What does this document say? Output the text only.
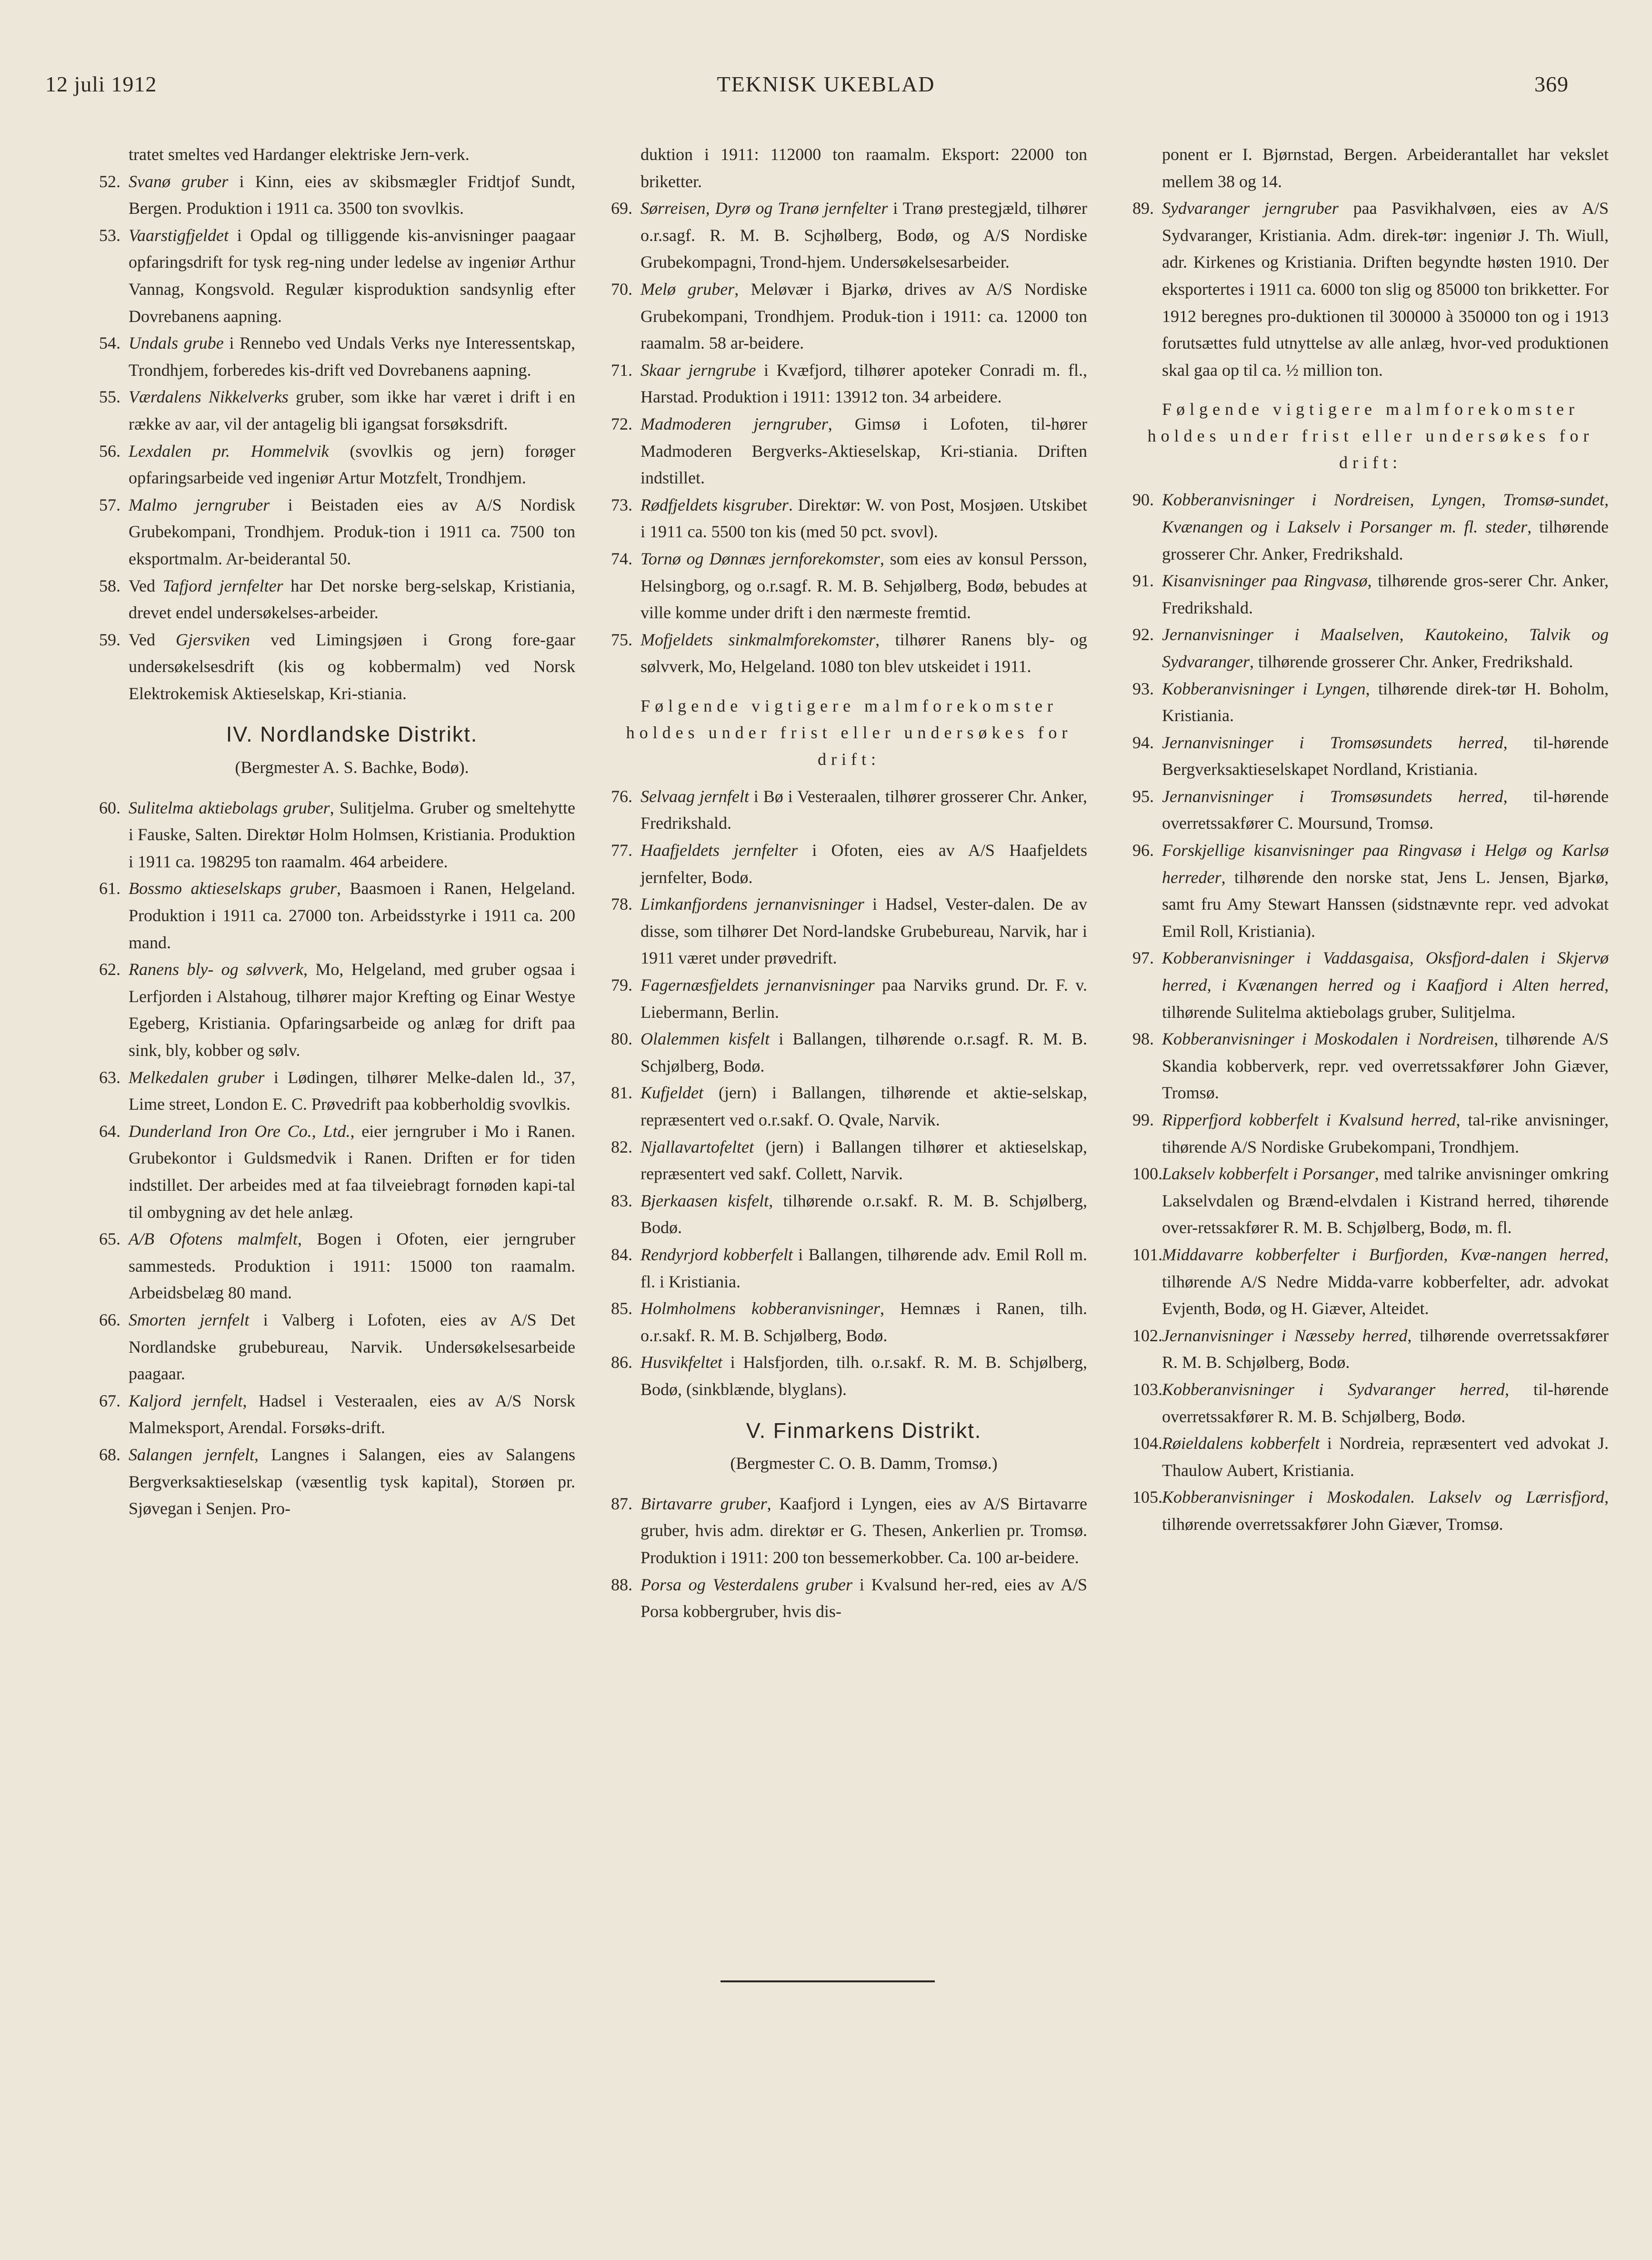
12 juli 1912	TEKNISK UKEBLAD	369

tratet smeltes ved Hardanger elektriske Jern-verk.

52. Svanø gruber i Kinn, eies av skibsmægler Fridtjof Sundt, Bergen. Produktion i 1911 ca. 3500 ton svovlkis.

53. Vaarstigfjeldet i Opdal og tilliggende kis-anvisninger paagaar opfaringsdrift for tysk reg-ning under ledelse av ingeniør Arthur Vannag, Kongsvold. Regulær kisproduktion sandsynlig efter Dovrebanens aapning.

54. Undals grube i Rennebo ved Undals Verks nye Interessentskap, Trondhjem, forberedes kis-drift ved Dovrebanens aapning.

55. Værdalens Nikkelverks gruber, som ikke har været i drift i en række av aar, vil der antagelig bli igangsat forsøksdrift.

56. Lexdalen pr. Hommelvik (svovlkis og jern) forøger opfaringsarbeide ved ingeniør Artur Motzfelt, Trondhjem.

57. Malmo jerngruber i Beistaden eies av A/S Nordisk Grubekompani, Trondhjem. Produk-tion i 1911 ca. 7500 ton eksportmalm. Ar-beiderantal 50.

58. Ved Tafjord jernfelter har Det norske berg-selskap, Kristiania, drevet endel undersøkelses-arbeider.

59. Ved Gjersviken ved Limingsjøen i Grong fore-gaar undersøkelsesdrift (kis og kobbermalm) ved Norsk Elektrokemisk Aktieselskap, Kri-stiania.

IV. Nordlandske Distrikt.
(Bergmester A. S. Bachke, Bodø).

60. Sulitelma aktiebolags gruber, Sulitjelma. Gruber og smeltehytte i Fauske, Salten. Direktør Holm Holmsen, Kristiania. Produktion i 1911 ca. 198295 ton raamalm. 464 arbeidere.

61. Bossmo aktieselskaps gruber, Baasmoen i Ranen, Helgeland. Produktion i 1911 ca. 27000 ton. Arbeidsstyrke i 1911 ca. 200 mand.

62. Ranens bly- og sølvverk, Mo, Helgeland, med gruber ogsaa i Lerfjorden i Alstahoug, tilhører major Krefting og Einar Westye Egeberg, Kristiania. Opfaringsarbeide og anlæg for drift paa sink, bly, kobber og sølv.

63. Melkedalen gruber i Lødingen, tilhører Melke-dalen ld., 37, Lime street, London E. C. Prøvedrift paa kobberholdig svovlkis.

64. Dunderland Iron Ore Co., Ltd., eier jerngruber i Mo i Ranen. Grubekontor i Guldsmedvik i Ranen. Driften er for tiden indstillet. Der arbeides med at faa tilveiebragt fornøden kapi-tal til ombygning av det hele anlæg.

65. A/B Ofotens malmfelt, Bogen i Ofoten, eier jerngruber sammesteds. Produktion i 1911: 15000 ton raamalm. Arbeidsbelæg 80 mand.

66. Smorten jernfelt i Valberg i Lofoten, eies av A/S Det Nordlandske grubebureau, Narvik. Undersøkelsesarbeide paagaar.

67. Kaljord jernfelt, Hadsel i Vesteraalen, eies av A/S Norsk Malmeksport, Arendal. Forsøks-drift.

68. Salangen jernfelt, Langnes i Salangen, eies av Salangens Bergverksaktieselskap (væsentlig tysk kapital), Storøen pr. Sjøvegan i Senjen. Pro-

duktion i 1911: 112000 ton raamalm. Eksport: 22000 ton briketter.

69. Sørreisen, Dyrø og Tranø jernfelter i Tranø prestegjæld, tilhører o.r.sagf. R. M. B. Scjhølberg, Bodø, og A/S Nordiske Grubekompagni, Trond-hjem. Undersøkelsesarbeider.

70. Melø gruber, Meløvær i Bjarkø, drives av A/S Nordiske Grubekompani, Trondhjem. Produk-tion i 1911: ca. 12000 ton raamalm. 58 ar-beidere.

71. Skaar jerngrube i Kvæfjord, tilhører apoteker Conradi m. fl., Harstad. Produktion i 1911: 13912 ton. 34 arbeidere.

72. Madmoderen jerngruber, Gimsø i Lofoten, til-hører Madmoderen Bergverks-Aktieselskap, Kri-stiania. Driften indstillet.

73. Rødfjeldets kisgruber. Direktør: W. von Post, Mosjøen. Utskibet i 1911 ca. 5500 ton kis (med 50 pct. svovl).

74. Tornø og Dønnæs jernforekomster, som eies av konsul Persson, Helsingborg, og o.r.sagf. R. M. B. Sehjølberg, Bodø, bebudes at ville komme under drift i den nærmeste fremtid.

75. Mofjeldets sinkmalmforekomster, tilhører Ranens bly- og sølvverk, Mo, Helgeland. 1080 ton blev utskeidet i 1911.

Følgende vigtigere malmforekomster holdes under frist eller undersøkes for drift:

76. Selvaag jernfelt i Bø i Vesteraalen, tilhører grosserer Chr. Anker, Fredrikshald.

77. Haafjeldets jernfelter i Ofoten, eies av A/S Haafjeldets jernfelter, Bodø.

78. Limkanfjordens jernanvisninger i Hadsel, Vester-dalen. De av disse, som tilhører Det Nord-landske Grubebureau, Narvik, har i 1911 været under prøvedrift.

79. Fagernæsfjeldets jernanvisninger paa Narviks grund. Dr. F. v. Liebermann, Berlin.

80. Olalemmen kisfelt i Ballangen, tilhørende o.r.sagf. R. M. B. Schjølberg, Bodø.

81. Kufjeldet (jern) i Ballangen, tilhørende et aktie-selskap, repræsentert ved o.r.sakf. O. Qvale, Narvik.

82. Njallavartofeltet (jern) i Ballangen tilhører et aktieselskap, repræsentert ved sakf. Collett, Narvik.

83. Bjerkaasen kisfelt, tilhørende o.r.sakf. R. M. B. Schjølberg, Bodø.

84. Rendyrjord kobberfelt i Ballangen, tilhørende adv. Emil Roll m. fl. i Kristiania.

85. Holmholmens kobberanvisninger, Hemnæs i Ranen, tilh. o.r.sakf. R. M. B. Schjølberg, Bodø.

86. Husvikfeltet i Halsfjorden, tilh. o.r.sakf. R. M. B. Schjølberg, Bodø, (sinkblænde, blyglans).

V. Finmarkens Distrikt.
(Bergmester C. O. B. Damm, Tromsø.)

87. Birtavarre gruber, Kaafjord i Lyngen, eies av A/S Birtavarre gruber, hvis adm. direktør er G. Thesen, Ankerlien pr. Tromsø. Produktion i 1911: 200 ton bessemerkobber. Ca. 100 ar-beidere.

88. Porsa og Vesterdalens gruber i Kvalsund her-red, eies av A/S Porsa kobbergruber, hvis dis-

ponent er I. Bjørnstad, Bergen. Arbeiderantallet har vekslet mellem 38 og 14.

89. Sydvaranger jerngruber paa Pasvikhalvøen, eies av A/S Sydvaranger, Kristiania. Adm. direk-tør: ingeniør J. Th. Wiull, adr. Kirkenes og Kristiania. Driften begyndte høsten 1910. Der eksportertes i 1911 ca. 6000 ton slig og 85000 ton brikketter. For 1912 beregnes pro-duktionen til 300000 à 350000 ton og i 1913 forutsættes fuld utnyttelse av alle anlæg, hvor-ved produktionen skal gaa op til ca. ½ million ton.

Følgende vigtigere malmforekomster holdes under frist eller undersøkes for drift:

90. Kobberanvisninger i Nordreisen, Lyngen, Tromsø-sundet, Kvænangen og i Lakselv i Porsanger m. fl. steder, tilhørende grosserer Chr. Anker, Fredrikshald.

91. Kisanvisninger paa Ringvasø, tilhørende gros-serer Chr. Anker, Fredrikshald.

92. Jernanvisninger i Maalselven, Kautokeino, Talvik og Sydvaranger, tilhørende grosserer Chr. Anker, Fredrikshald.

93. Kobberanvisninger i Lyngen, tilhørende direk-tør H. Boholm, Kristiania.

94. Jernanvisninger i Tromsøsundets herred, til-hørende Bergverksaktieselskapet Nordland, Kristiania.

95. Jernanvisninger i Tromsøsundets herred, til-hørende overretssakfører C. Moursund, Tromsø.

96. Forskjellige kisanvisninger paa Ringvasø i Helgø og Karlsø herreder, tilhørende den norske stat, Jens L. Jensen, Bjarkø, samt fru Amy Stewart Hanssen (sidstnævnte repr. ved advokat Emil Roll, Kristiania).

97. Kobberanvisninger i Vaddasgaisa, Oksfjord-dalen i Skjervø herred, i Kvænangen herred og i Kaafjord i Alten herred, tilhørende Sulitelma aktiebolags gruber, Sulitjelma.

98. Kobberanvisninger i Moskodalen i Nordreisen, tilhørende A/S Skandia kobberverk, repr. ved overretssakfører John Giæver, Tromsø.

99. Ripperfjord kobberfelt i Kvalsund herred, tal-rike anvisninger, tihørende A/S Nordiske Grubekompani, Trondhjem.

100.Lakselv kobberfelt i Porsanger, med talrike anvisninger omkring Lakselvdalen og Brænd-elvdalen i Kistrand herred, tihørende over-retssakfører R. M. B. Schjølberg, Bodø, m. fl.

101.Middavarre kobberfelter i Burfjorden, Kvæ-nangen herred, tilhørende A/S Nedre Midda-varre kobberfelter, adr. advokat Evjenth, Bodø, og H. Giæver, Alteidet.

102.Jernanvisninger i Næsseby herred, tilhørende overretssakfører R. M. B. Schjølberg, Bodø.

103.Kobberanvisninger i Sydvaranger herred, til-hørende overretssakfører R. M. B. Schjølberg, Bodø.

104.Røieldalens kobberfelt i Nordreia, repræsentert ved advokat J. Thaulow Aubert, Kristiania.

105.Kobberanvisninger i Moskodalen. Lakselv og Lærrisfjord, tilhørende overretssakfører John Giæver, Tromsø.
